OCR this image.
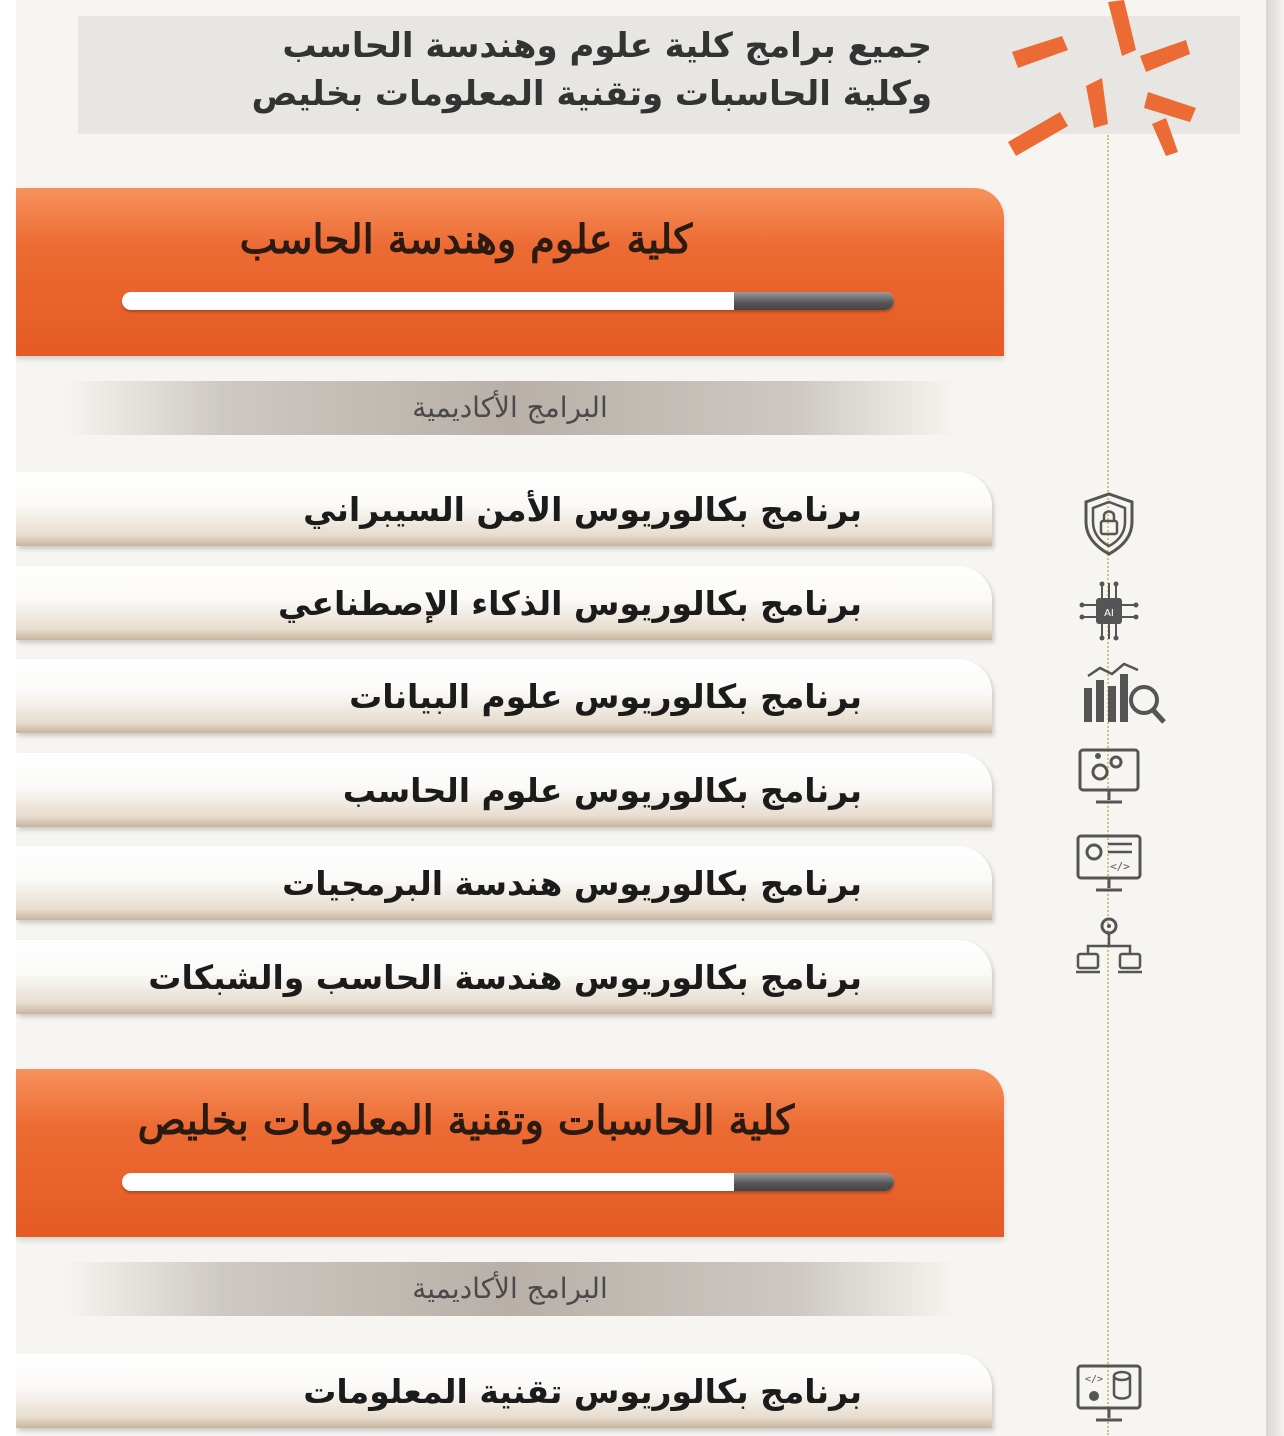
جميع برامج كلية علوم وهندسة الحاسب
وكلية الحاسبات وتقنية المعلومات بخليص
كلية علوم وهندسة الحاسب
البرامج الأكاديمية
برنامج بكالوريوس الأمن السيبراني
برنامج بكالوريوس الذكاء الإصطناعي	AI
برنامج بكالوريوس علوم البيانات
برنامج بكالوريوس علوم الحاسب
برنامج بكالوريوس هندسة البرمجيات	</>
برنامج بكالوريوس هندسة الحاسب والشبكات
كلية الحاسبات وتقنية المعلومات بخليص
البرامج الأكاديمية
برنامج بكالوريوس تقنية المعلومات	</>
